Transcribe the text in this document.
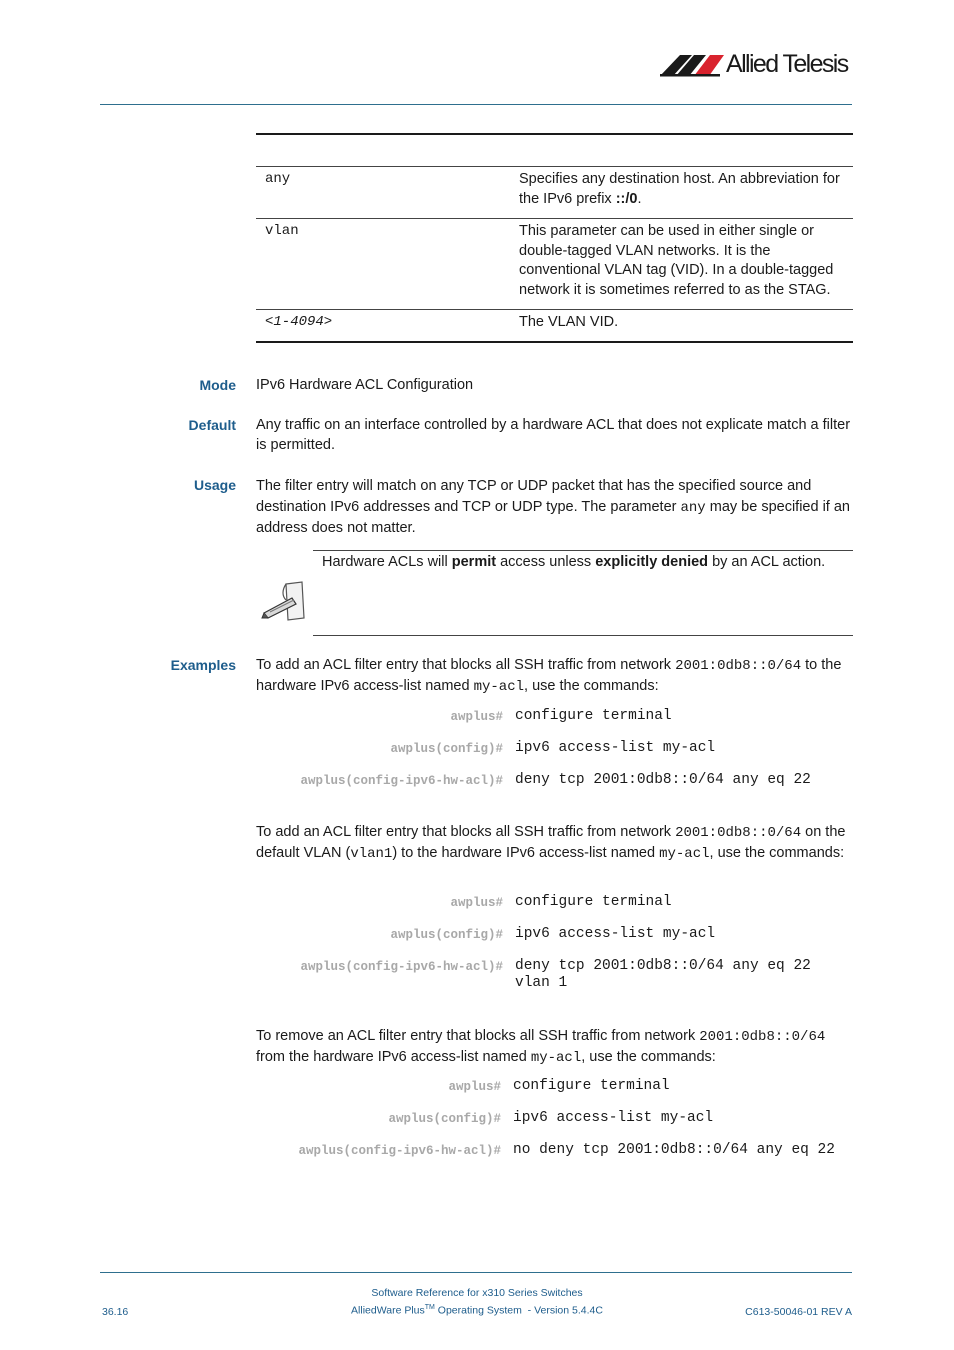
Allied Telesis
any	Specifies any destination host. An abbreviation for the IPv6 prefix ::/0.
vlan	This parameter can be used in either single or double-tagged VLAN networks. It is the conventional VLAN tag (VID). In a double-tagged network it is sometimes referred to as the STAG.
<1-4094>	The VLAN VID.
Mode IPv6 Hardware ACL Configuration
Default Any traffic on an interface controlled by a hardware ACL that does not explicate match a filter is permitted.
Usage The filter entry will match on any TCP or UDP packet that has the specified source and destination IPv6 addresses and TCP or UDP type. The parameter any may be specified if an address does not matter.
Hardware ACLs will permit access unless explicitly denied by an ACL action.
Examples To add an ACL filter entry that blocks all SSH traffic from network 2001:0db8::0/64 to the hardware IPv6 access-list named my-acl, use the commands:
awplus# configure terminal
awplus(config)# ipv6 access-list my-acl
awplus(config-ipv6-hw-acl)# deny tcp 2001:0db8::0/64 any eq 22
To add an ACL filter entry that blocks all SSH traffic from network 2001:0db8::0/64 on the default VLAN (vlan1) to the hardware IPv6 access-list named my-acl, use the commands:
awplus# configure terminal
awplus(config)# ipv6 access-list my-acl
awplus(config-ipv6-hw-acl)# deny tcp 2001:0db8::0/64 any eq 22 vlan 1
To remove an ACL filter entry that blocks all SSH traffic from network 2001:0db8::0/64 from the hardware IPv6 access-list named my-acl, use the commands:
awplus# configure terminal
awplus(config)# ipv6 access-list my-acl
awplus(config-ipv6-hw-acl)# no deny tcp 2001:0db8::0/64 any eq 22
Software Reference for x310 Series Switches
36.16	AlliedWare Plus™ Operating System  - Version 5.4.4C	C613-50046-01 REV A
